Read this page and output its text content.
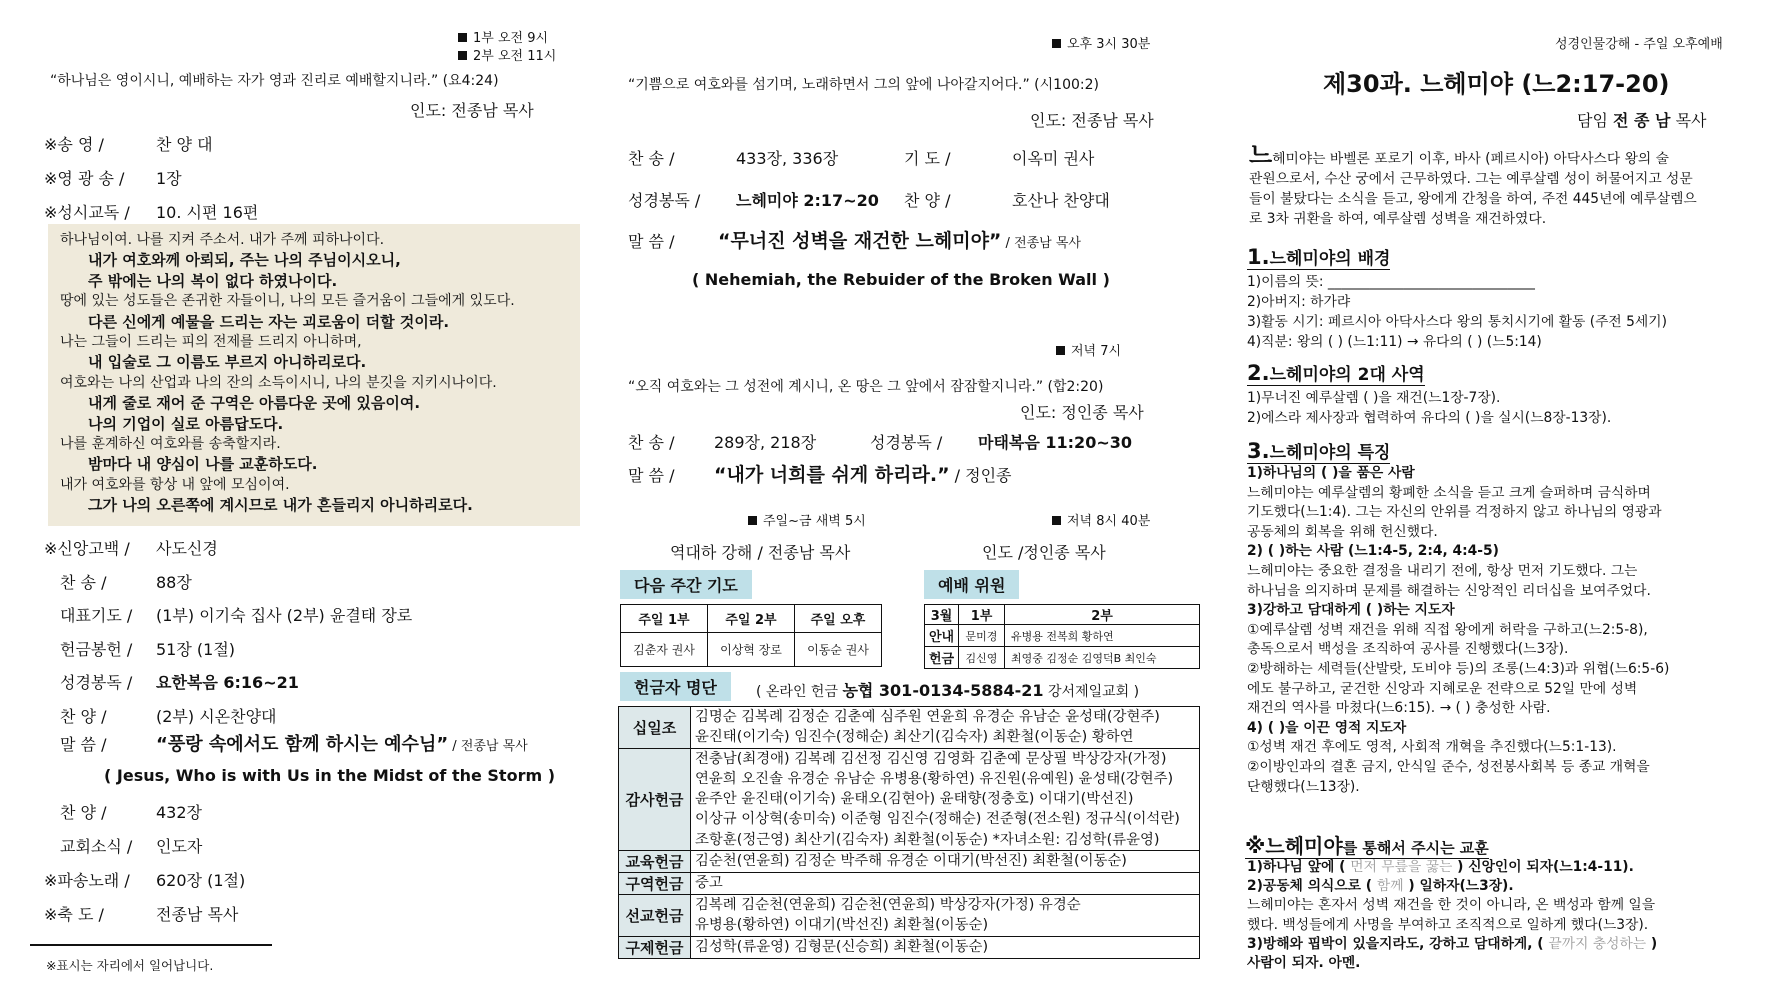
1부 오전 9시
2부 오전 11시
“하나님은 영이시니, 예배하는 자가 영과 진리로 예배할지니라.” (요4:24)
인도: 전종남 목사
※송 영 /	찬 양 대
※영 광 송 / 1장
※성시교독 / 10. 시편 16편
하나님이여. 나를 지켜 주소서. 내가 주께 피하나이다.
내가 여호와께 아뢰되, 주는 나의 주님이시오니,
주 밖에는 나의 복이 없다 하였나이다.
땅에 있는 성도들은 존귀한 자들이니, 나의 모든 즐거움이 그들에게 있도다.
다른 신에게 예물을 드리는 자는 괴로움이 더할 것이라.
나는 그들이 드리는 피의 전제를 드리지 아니하며,
내 입술로 그 이름도 부르지 아니하리로다.
여호와는 나의 산업과 나의 잔의 소득이시니, 나의 분깃을 지키시나이다.
내게 줄로 재어 준 구역은 아름다운 곳에 있음이여.
나의 기업이 실로 아름답도다.
나를 훈계하신 여호와를 송축할지라.
밤마다 내 양심이 나를 교훈하도다.
내가 여호와를 항상 내 앞에 모심이여.
그가 나의 오른쪽에 계시므로 내가 흔들리지 아니하리로다.
※신앙고백 / 사도신경
찬 송 /	88장
대표기도 / (1부) 이기숙 집사 (2부) 윤결태 장로
헌금봉헌 / 51장 (1절)
성경봉독 / 요한복음 6:16~21
찬 양 /	(2부) 시온찬양대
말 씀 /	“풍랑 속에서도 함께 하시는 예수님” / 전종남 목사
( Jesus, Who is with Us in the Midst of the Storm )
찬 양 /	432장
교회소식 / 인도자
※파송노래 / 620장 (1절)
※축 도 /	전종남 목사
※표시는 자리에서 일어납니다.
오후 3시 30분
“기쁨으로 여호와를 섬기며, 노래하면서 그의 앞에 나아갈지어다.” (시100:2)
인도: 전종남 목사
찬 송 /	433장, 336장	기 도 /	이옥미 권사
성경봉독 / 느헤미야 2:17~20 찬 양 /	호산나 찬양대
말 씀 / “무너진 성벽을 재건한 느헤미야” / 전종남 목사
( Nehemiah, the Rebuider of the Broken Wall )
저녁 7시
“오직 여호와는 그 성전에 계시니, 온 땅은 그 앞에서 잠잠할지니라.” (합2:20)
인도: 정인종 목사
찬 송 / 289장, 218장	성경봉독 / 마태복음 11:20~30
말 씀 / “내가 너희를 쉬게 하리라.” / 정인종
주일~금 새벽 5시	저녁 8시 40분
역대하 강해 / 전종남 목사	인도 /정인종 목사
다음 주간 기도
주일 1부	주일 2부	주일 오후
김춘자 권사	이상혁 장로	이동순 권사
예배 위원
3월	1부	2부
안내	문미경	유병용 전복희 황하연
헌금	김신영	최영중 김정순 김영덕B 최인숙
헌금자 명단	( 온라인 헌금 농협 301-0134-5884-21 강서제일교회 )
십일조	김명순 김복례 김정순 김춘예 심주원 연윤희 유경순 유남순 윤성태(강현주)
윤진태(이기숙) 임진수(정해순) 최산기(김숙자) 최환철(이동순) 황하연

감사헌금	전충남(최경애) 김복례 김선정 김신영 김영화 김춘예 문상필 박상강자(가정)
연윤희 오진솔 유경순 유남순 유병용(황하연) 유진원(유예원) 윤성태(강현주)
윤주안 윤진태(이기숙) 윤태오(김현아) 윤태향(정충호) 이대기(박선진)
이상규 이상혁(송미숙) 이준형 임진수(정해순) 전준형(전소원) 정규식(이석란)
조항훈(정근영) 최산기(김숙자) 최환철(이동순) *자녀소원: 김성학(류윤영)

교육헌금	김순천(연윤희) 김정순 박주해 유경순 이대기(박선진) 최환철(이동순)

구역헌금	중고

선교헌금	김복례 김순천(연윤희) 김순천(연윤희) 박상강자(가정) 유경순
유병용(황하연) 이대기(박선진) 최환철(이동순)

구제헌금	김성학(류윤영) 김형문(신승희) 최환철(이동순)
성경인물강해 - 주일 오후예배
제30과. 느헤미야 (느2:17-20)
담임 전 종 남 목사
느헤미야는 바벨론 포로기 이후, 바사 (페르시아) 아닥사스다 왕의 술
관원으로서, 수산 궁에서 근무하였다. 그는 예루살렘 성이 허물어지고 성문
들이 불탔다는 소식을 듣고, 왕에게 간청을 하여, 주전 445년에 예루살렘으
로 3차 귀환을 하여, 예루살렘 성벽을 재건하였다.
1.느헤미야의 배경
1)이름의 뜻: ______________________________
2)아버지: 하가랴
3)활동 시기: 페르시아 아닥사스다 왕의 통치시기에 활동 (주전 5세기)
4)직분: 왕의 ( ) (느1:11) → 유다의 ( ) (느5:14)
2.느헤미야의 2대 사역
1)무너진 예루살렘 ( )을 재건(느1장-7장).
2)에스라 제사장과 협력하여 유다의 ( )을 실시(느8장-13장).
3.느헤미야의 특징
1)하나님의 ( )을 품은 사람
느헤미야는 예루살렘의 황폐한 소식을 듣고 크게 슬퍼하며 금식하며
기도했다(느1:4). 그는 자신의 안위를 걱정하지 않고 하나님의 영광과
공동체의 회복을 위해 헌신했다.
2) ( )하는 사람 (느1:4-5, 2:4, 4:4-5)
느헤미야는 중요한 결정을 내리기 전에, 항상 먼저 기도했다. 그는
하나님을 의지하며 문제를 해결하는 신앙적인 리더십을 보여주었다.
3)강하고 담대하게 ( )하는 지도자
①예루살렘 성벽 재건을 위해 직접 왕에게 허락을 구하고(느2:5-8),
총독으로서 백성을 조직하여 공사를 진행했다(느3장).
②방해하는 세력들(산발랏, 도비야 등)의 조롱(느4:3)과 위협(느6:5-6)
에도 불구하고, 굳건한 신앙과 지혜로운 전략으로 52일 만에 성벽
재건의 역사를 마쳤다(느6:15). → ( ) 충성한 사람.
4) ( )을 이끈 영적 지도자
①성벽 재건 후에도 영적, 사회적 개혁을 추진했다(느5:1-13).
②이방인과의 결혼 금지, 안식일 준수, 성전봉사회복 등 종교 개혁을
단행했다(느13장).
※느헤미야를 통해서 주시는 교훈
1)하나님 앞에 ( 먼저 무릎을 꿇는 ) 신앙인이 되자(느1:4-11).
2)공동체 의식으로 ( 함께 ) 일하자(느3장).
느헤미야는 혼자서 성벽 재건을 한 것이 아니라, 온 백성과 함께 일을
했다. 백성들에게 사명을 부여하고 조직적으로 일하게 했다(느3장).
3)방해와 핍박이 있을지라도, 강하고 담대하게, ( 끝까지 충성하는 )
사람이 되자. 아멘.
